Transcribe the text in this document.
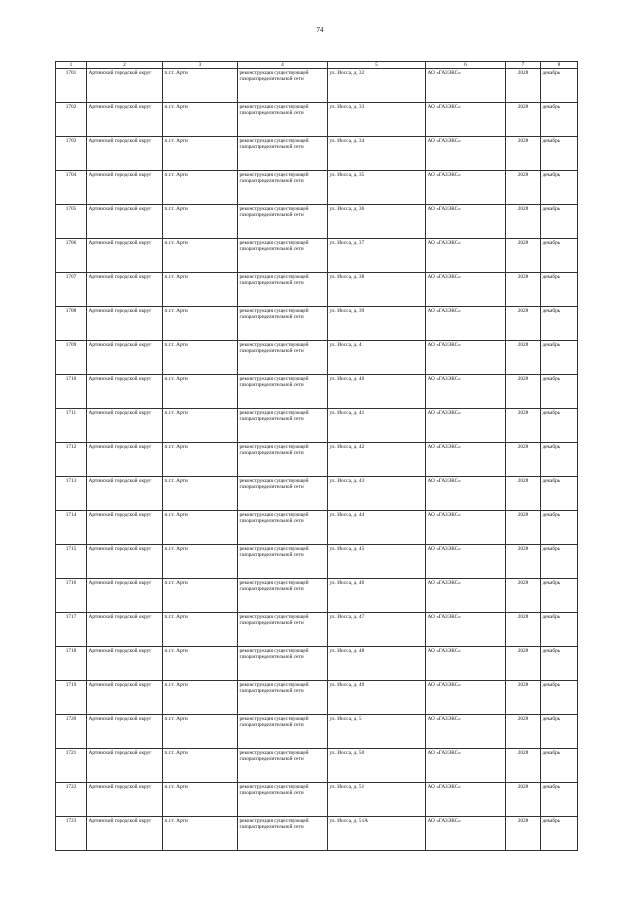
74
1	2	3	4	5	6	7	8
1701	Артинский городской округ	п.г.т. Арти	реконструкция существующей газораспределительной сети	ул. Иосса, д. 32	АО «ГАЗЭКС»	2028	декабрь
1702	Артинский городской округ	п.г.т. Арти	реконструкция существующей газораспределительной сети	ул. Иосса, д. 33	АО «ГАЗЭКС»	2028	декабрь
1703	Артинский городской округ	п.г.т. Арти	реконструкция существующей газораспределительной сети	ул. Иосса, д. 34	АО «ГАЗЭКС»	2028	декабрь
1704	Артинский городской округ	п.г.т. Арти	реконструкция существующей газораспределительной сети	ул. Иосса, д. 35	АО «ГАЗЭКС»	2028	декабрь
1705	Артинский городской округ	п.г.т. Арти	реконструкция существующей газораспределительной сети	ул. Иосса, д. 36	АО «ГАЗЭКС»	2028	декабрь
1706	Артинский городской округ	п.г.т. Арти	реконструкция существующей газораспределительной сети	ул. Иосса, д. 37	АО «ГАЗЭКС»	2028	декабрь
1707	Артинский городской округ	п.г.т. Арти	реконструкция существующей газораспределительной сети	ул. Иосса, д. 38	АО «ГАЗЭКС»	2028	декабрь
1708	Артинский городской округ	п.г.т. Арти	реконструкция существующей газораспределительной сети	ул. Иосса, д. 39	АО «ГАЗЭКС»	2028	декабрь
1709	Артинский городской округ	п.г.т. Арти	реконструкция существующей газораспределительной сети	ул. Иосса, д. 4	АО «ГАЗЭКС»	2028	декабрь
1710	Артинский городской округ	п.г.т. Арти	реконструкция существующей газораспределительной сети	ул. Иосса, д. 40	АО «ГАЗЭКС»	2028	декабрь
1711	Артинский городской округ	п.г.т. Арти	реконструкция существующей газораспределительной сети	ул. Иосса, д. 41	АО «ГАЗЭКС»	2028	декабрь
1712	Артинский городской округ	п.г.т. Арти	реконструкция существующей газораспределительной сети	ул. Иосса, д. 42	АО «ГАЗЭКС»	2028	декабрь
1713	Артинский городской округ	п.г.т. Арти	реконструкция существующей газораспределительной сети	ул. Иосса, д. 43	АО «ГАЗЭКС»	2028	декабрь
1714	Артинский городской округ	п.г.т. Арти	реконструкция существующей газораспределительной сети	ул. Иосса, д. 44	АО «ГАЗЭКС»	2028	декабрь
1715	Артинский городской округ	п.г.т. Арти	реконструкция существующей газораспределительной сети	ул. Иосса, д. 45	АО «ГАЗЭКС»	2028	декабрь
1716	Артинский городской округ	п.г.т. Арти	реконструкция существующей газораспределительной сети	ул. Иосса, д. 46	АО «ГАЗЭКС»	2028	декабрь
1717	Артинский городской округ	п.г.т. Арти	реконструкция существующей газораспределительной сети	ул. Иосса, д. 47	АО «ГАЗЭКС»	2028	декабрь
1718	Артинский городской округ	п.г.т. Арти	реконструкция существующей газораспределительной сети	ул. Иосса, д. 48	АО «ГАЗЭКС»	2028	декабрь
1719	Артинский городской округ	п.г.т. Арти	реконструкция существующей газораспределительной сети	ул. Иосса, д. 49	АО «ГАЗЭКС»	2028	декабрь
1720	Артинский городской округ	п.г.т. Арти	реконструкция существующей газораспределительной сети	ул. Иосса, д. 5	АО «ГАЗЭКС»	2028	декабрь
1721	Артинский городской округ	п.г.т. Арти	реконструкция существующей газораспределительной сети	ул. Иосса, д. 50	АО «ГАЗЭКС»	2028	декабрь
1722	Артинский городской округ	п.г.т. Арти	реконструкция существующей газораспределительной сети	ул. Иосса, д. 51	АО «ГАЗЭКС»	2028	декабрь
1723	Артинский городской округ	п.г.т. Арти	реконструкция существующей газораспределительной сети	ул. Иосса, д. 51А	АО «ГАЗЭКС»	2028	декабрь
